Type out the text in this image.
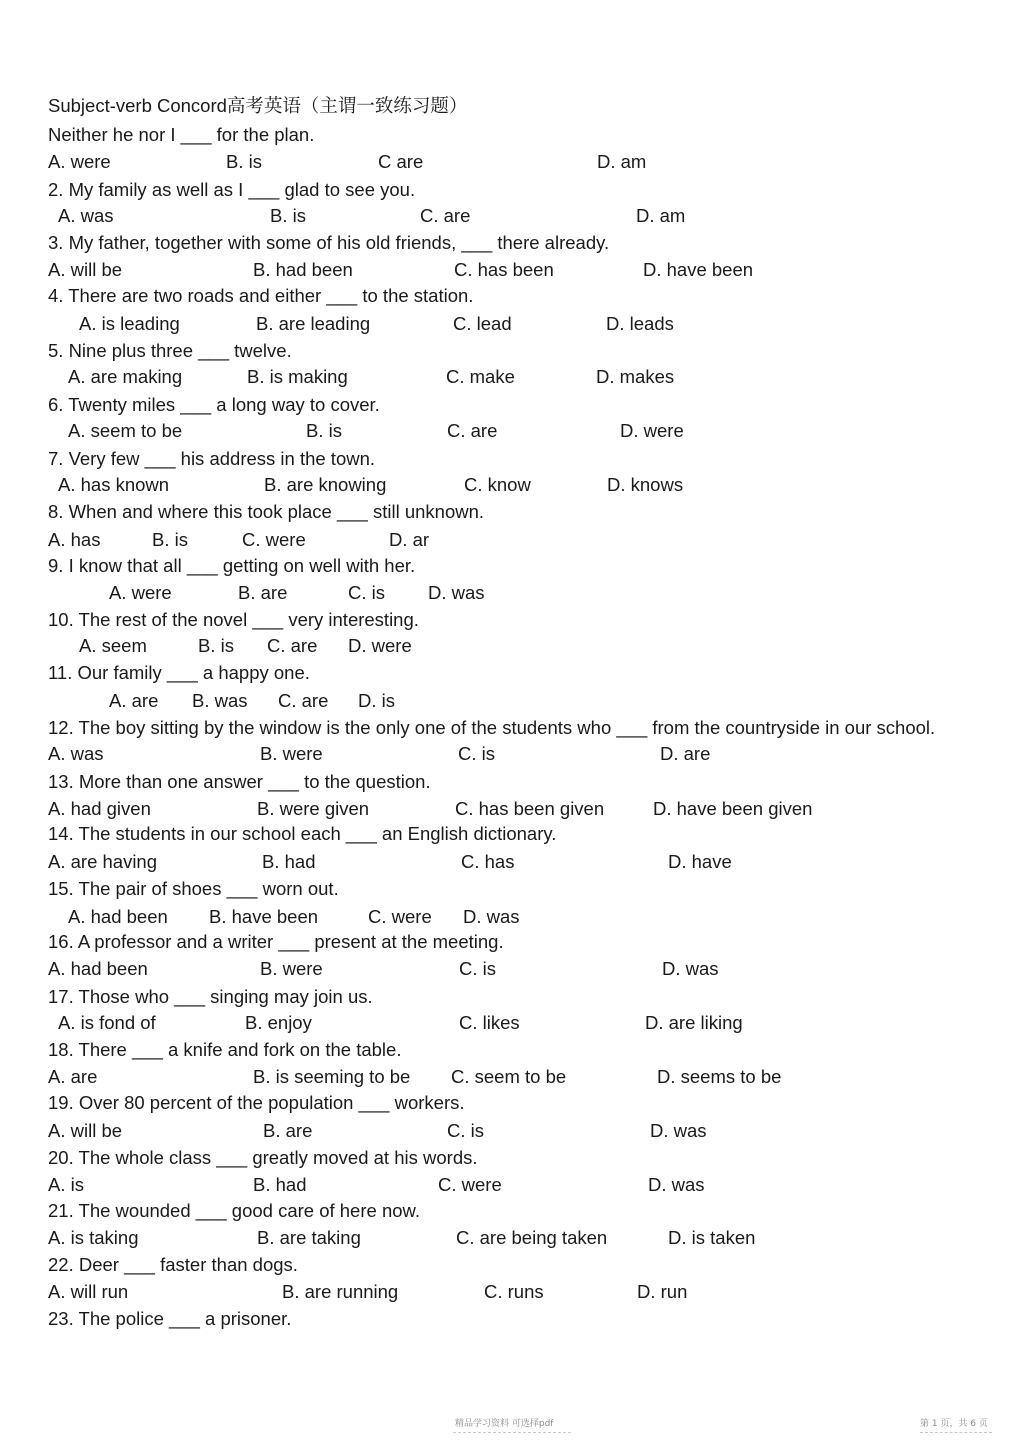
Subject-verb Concord高考英语（主谓一致练习题）
Neither he nor I ___ for the plan.
A. were	B. is	C are	D. am
2. My family as well as I ___ glad to see you.
A. was	B. is	C. are	D. am
3. My father, together with some of his old friends, ___ there already.
A. will be	B. had been	C. has been	D. have been
4. There are two roads and either ___ to the station.
A. is leading	B. are leading	C. lead	D. leads
5. Nine plus three ___ twelve.
A. are making	B. is making	C. make	D. makes
6. Twenty miles ___ a long way to cover.
A. seem to be	B. is	C. are	D. were
7. Very few ___ his address in the town.
A. has known	B. are knowing	C. know	D. knows
8. When and where this took place ___ still unknown.
A. has	B. is	C. were	D. ar
9. I know that all ___ getting on well with her.
A. were	B. are	C. is D. was
10. The rest of the novel ___ very interesting.
A. seem	B. is C. are D. were
11. Our family ___ a happy one.
A. are B. was C. are D. is
12. The boy sitting by the window is the only one of the students who ___ from the countryside in our school.
A. was	B. were	C. is	D. are
13. More than one answer ___ to the question.
A. had given	B. were given	C. has been given	D. have been given
14. The students in our school each ___ an English dictionary.
A. are having	B. had	C. has	D. have
15. The pair of shoes ___ worn out.
A. had been B. have been	C. were D. was
16. A professor and a writer ___ present at the meeting.
A. had been	B. were	C. is	D. was
17. Those who ___ singing may join us.
A. is fond of	B. enjoy	C. likes	D. are liking
18. There ___ a knife and fork on the table.
A. are	B. is seeming to be C. seem to be	D. seems to be
19. Over 80 percent of the population ___ workers.
A. will be	B. are	C. is	D. was
20. The whole class ___ greatly moved at his words.
A. is	B. had	C. were	D. was
21. The wounded ___ good care of here now.
A. is taking	B. are taking	C. are being taken	D. is taken
22. Deer ___ faster than dogs.
A. will run	B. are running	C. runs	D. run
23. The police ___ a prisoner.
精品学习资料 可选择pdf	第 1 页，共 6 页
